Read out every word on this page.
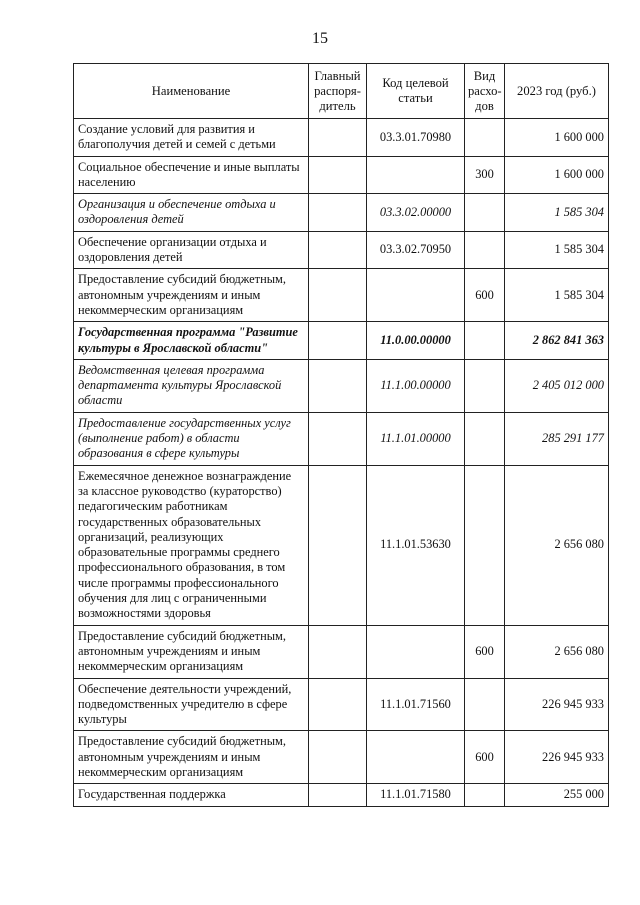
15
Наименование	Главный распоря-дитель	Код целевой статьи	Вид расхо-дов	2023 год (руб.)
Создание условий для развития и благополучия детей и семей с детьми		03.3.01.70980		1 600 000
Социальное обеспечение и иные выплаты населению			300	1 600 000
Организация и обеспечение отдыха и оздоровления детей		03.3.02.00000		1 585 304
Обеспечение организации отдыха и оздоровления детей		03.3.02.70950		1 585 304
Предоставление субсидий бюджетным, автономным учреждениям и иным некоммерческим организациям			600	1 585 304
Государственная программа "Развитие культуры в Ярославской области"		11.0.00.00000		2 862 841 363
Ведомственная целевая программа департамента культуры Ярославской области		11.1.00.00000		2 405 012 000
Предоставление государственных услуг (выполнение работ) в области образования в сфере культуры		11.1.01.00000		285 291 177
Ежемесячное денежное вознаграждение за классное руководство (кураторство) педагогическим работникам государственных образовательных организаций, реализующих образовательные программы среднего профессионального образования, в том числе программы профессионального обучения для лиц с ограниченными возможностями здоровья		11.1.01.53630		2 656 080
Предоставление субсидий бюджетным, автономным учреждениям и иным некоммерческим организациям			600	2 656 080
Обеспечение деятельности учреждений, подведомственных учредителю в сфере культуры		11.1.01.71560		226 945 933
Предоставление субсидий бюджетным, автономным учреждениям и иным некоммерческим организациям			600	226 945 933
Государственная поддержка		11.1.01.71580		255 000
